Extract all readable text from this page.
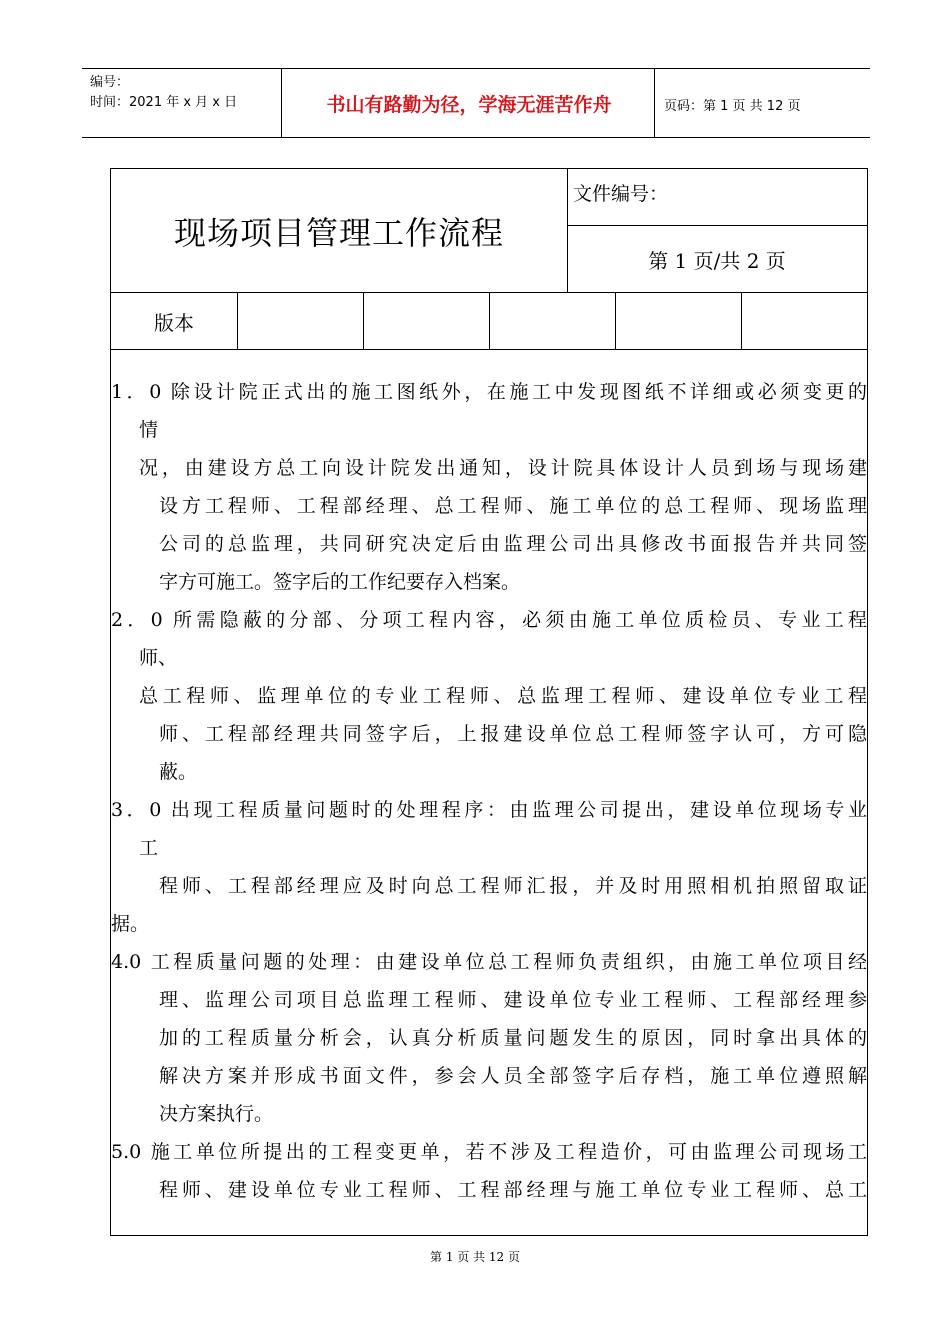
编号：
时间：2021 年 x 月 x 日	书山有路勤为径，学海无涯苦作舟	页码：第 1 页 共 12 页
现场项目管理工作流程
文件编号：
第 1 页/共 2 页
版本
1．0 除设计院正式出的施工图纸外，在施工中发现图纸不详细或必须变更的
情
况，由建设方总工向设计院发出通知，设计院具体设计人员到场与现场建
设方工程师、工程部经理、总工程师、施工单位的总工程师、现场监理
公司的总监理，共同研究决定后由监理公司出具修改书面报告并共同签
字方可施工。签字后的工作纪要存入档案。
2．0 所需隐蔽的分部、分项工程内容，必须由施工单位质检员、专业工程
师、
总工程师、监理单位的专业工程师、总监理工程师、建设单位专业工程
师、工程部经理共同签字后，上报建设单位总工程师签字认可，方可隐
蔽。
3．0 出现工程质量问题时的处理程序：由监理公司提出，建设单位现场专业
工
程师、工程部经理应及时向总工程师汇报，并及时用照相机拍照留取证
据。
4.0 工程质量问题的处理：由建设单位总工程师负责组织，由施工单位项目经
理、监理公司项目总监理工程师、建设单位专业工程师、工程部经理参
加的工程质量分析会，认真分析质量问题发生的原因，同时拿出具体的
解决方案并形成书面文件，参会人员全部签字后存档，施工单位遵照解
决方案执行。
5.0 施工单位所提出的工程变更单，若不涉及工程造价，可由监理公司现场工
程师、建设单位专业工程师、工程部经理与施工单位专业工程师、总工
第 1 页 共 12 页
